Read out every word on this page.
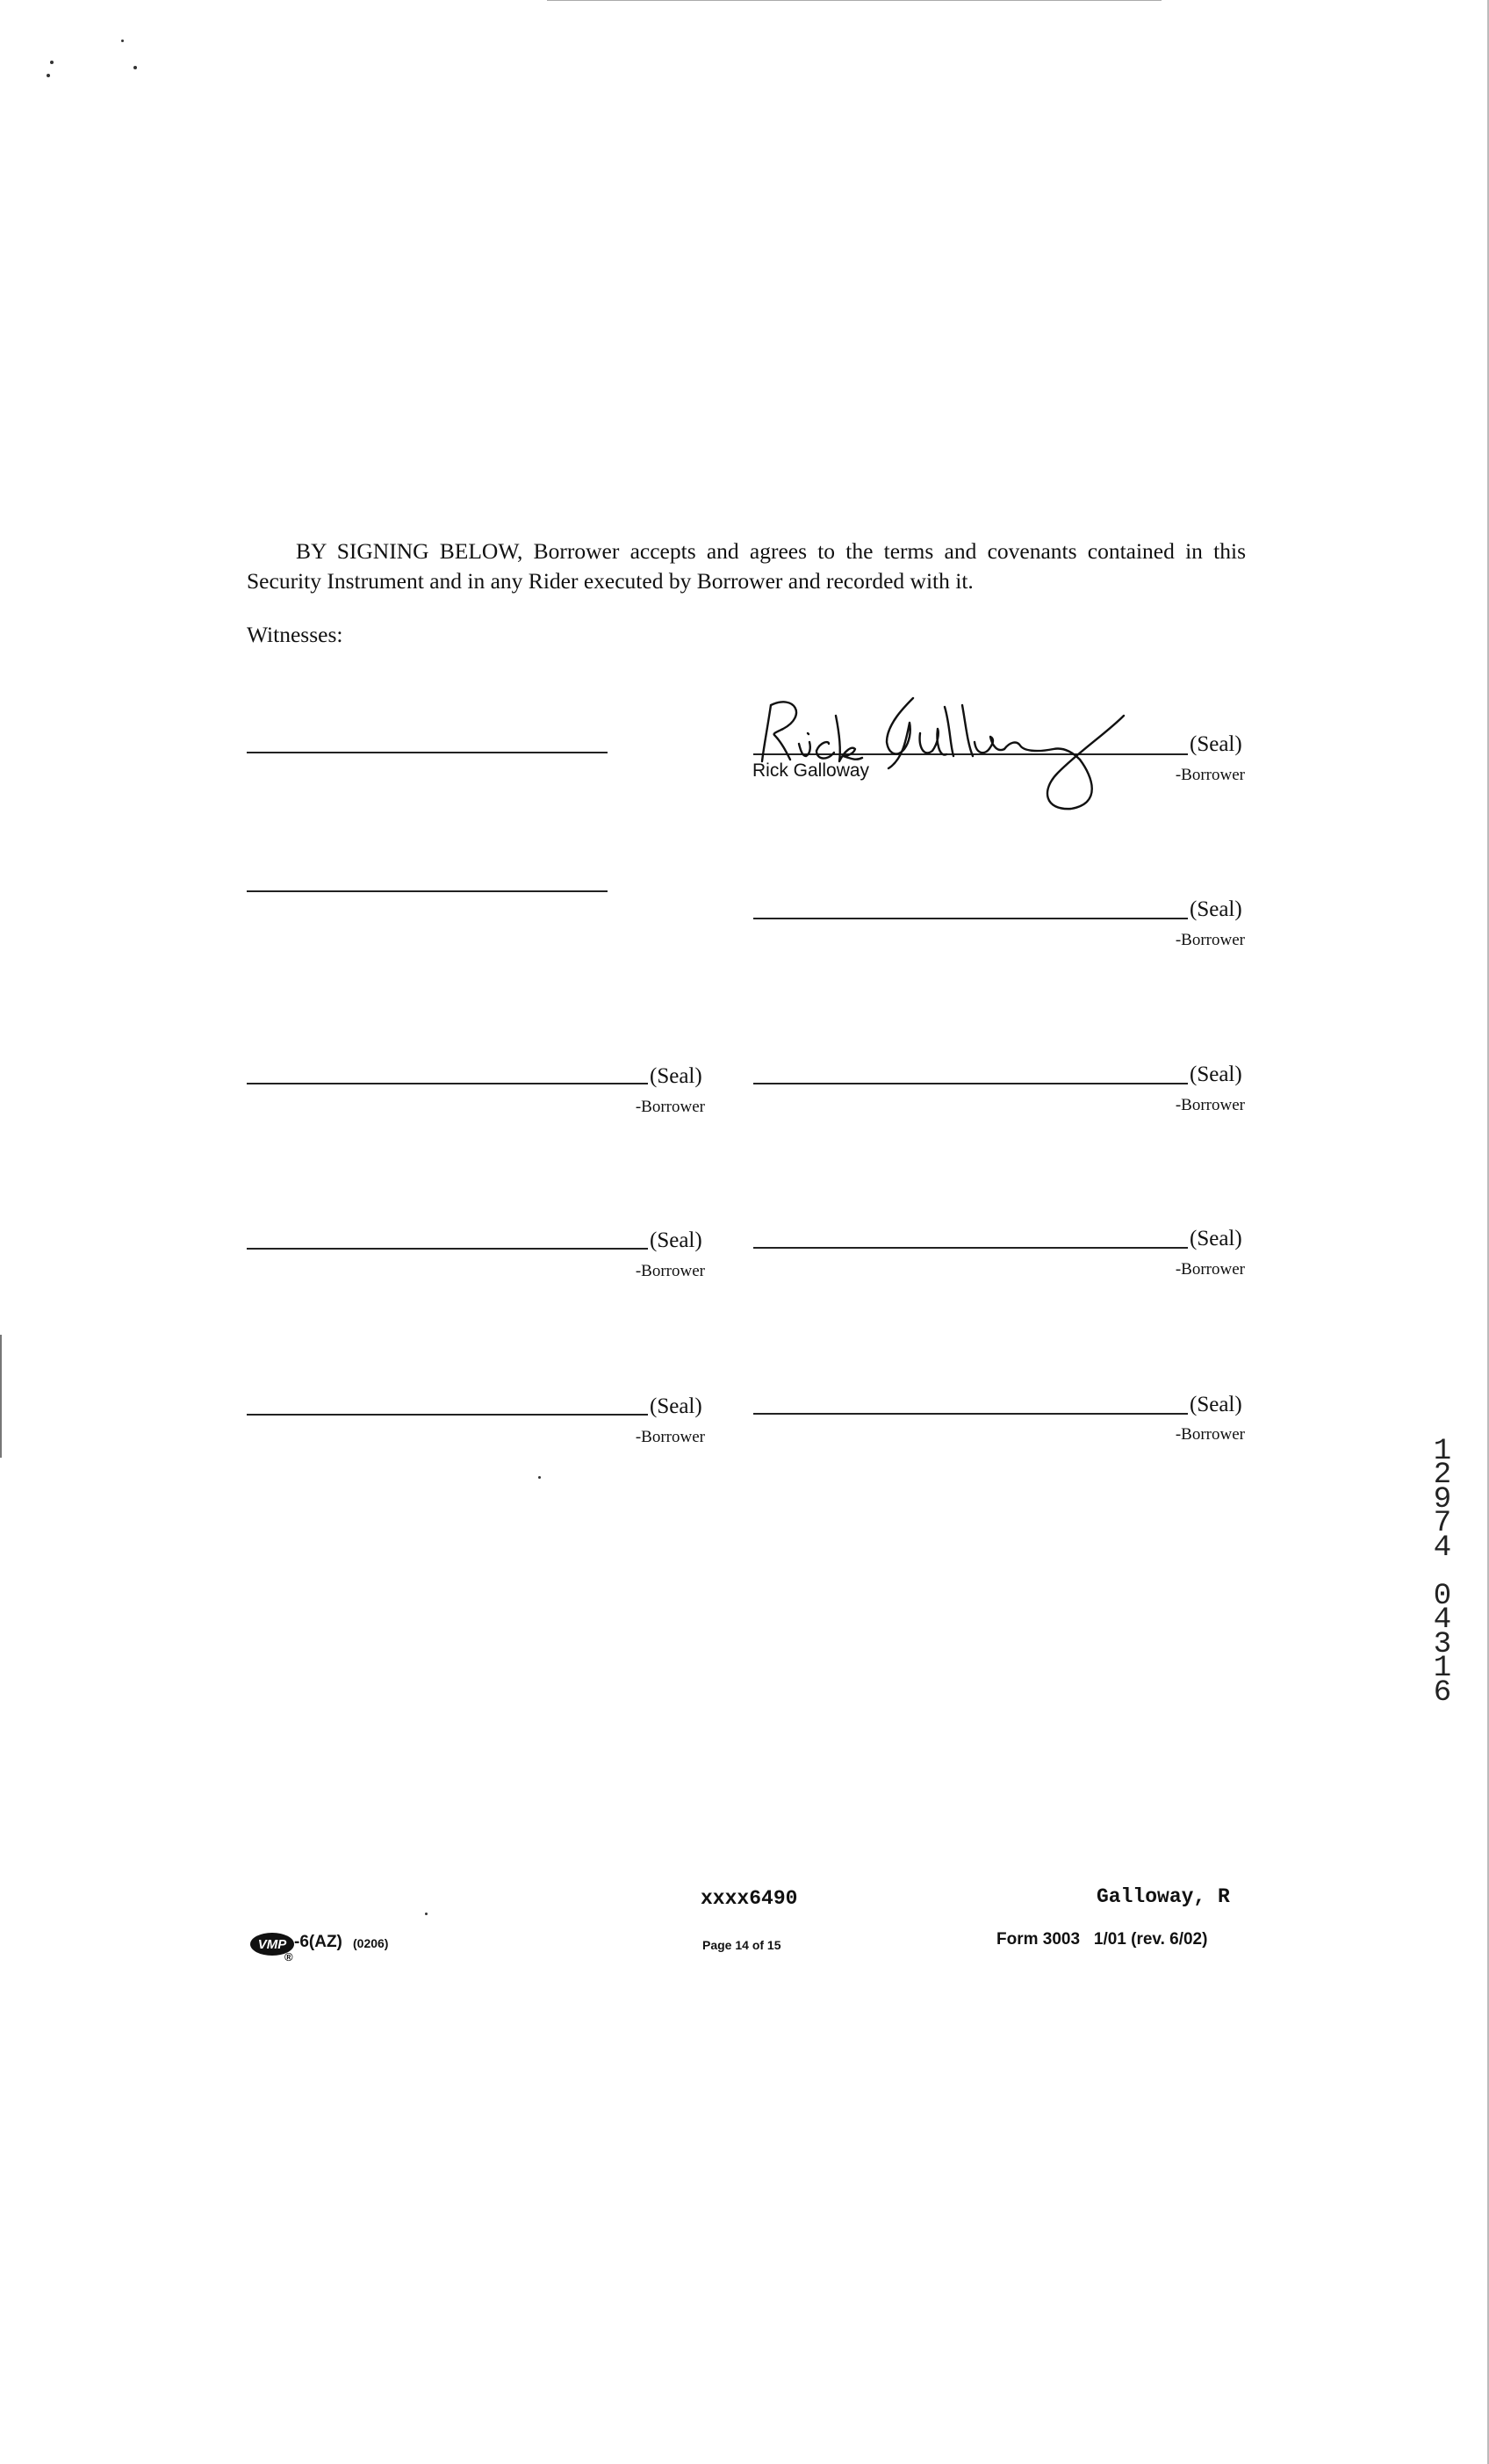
BY SIGNING BELOW, Borrower accepts and agrees to the terms and covenants contained in this
Security Instrument and in any Rider executed by Borrower and recorded with it.
Witnesses:
Rick Galloway
(Seal)
-Borrower
(Seal)
-Borrower
(Seal)
-Borrower
(Seal)
-Borrower
(Seal)
-Borrower
(Seal)
-Borrower
(Seal)
-Borrower
(Seal)
-Borrower	1
2
9
7
4

0
4
3
1
6

xxxx6490	Galloway, R
VMP -6(AZ) (0206)
®
Page 14 of 15	Form 3003   1/01 (rev. 6/02)
